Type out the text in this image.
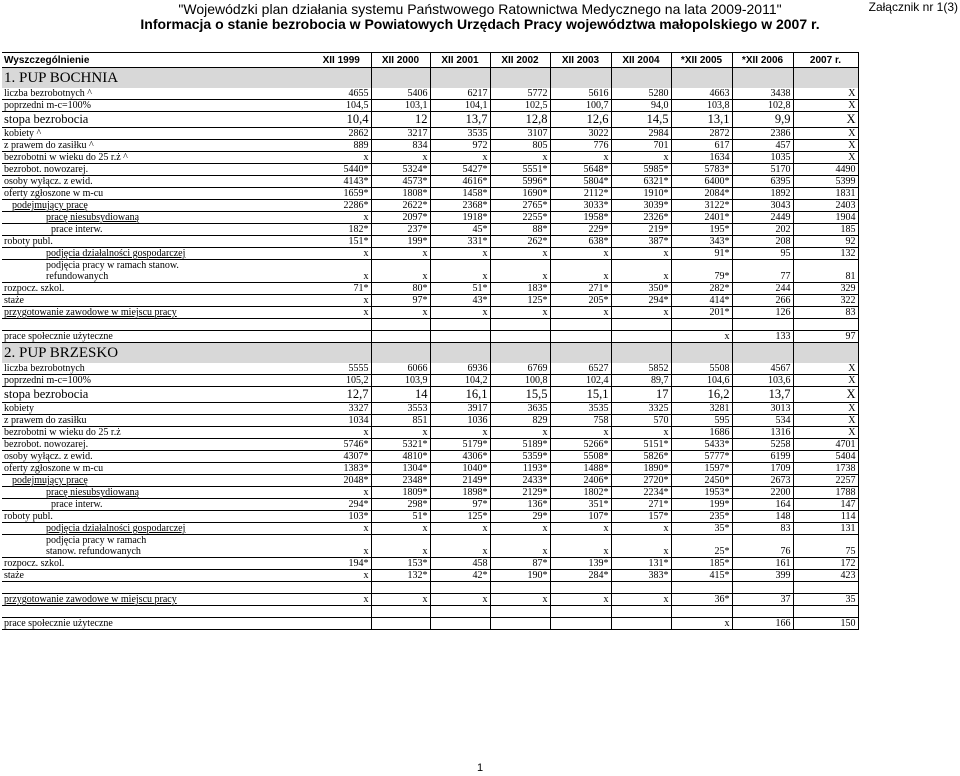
"Wojewódzki plan działania systemu Państwowego Ratownictwa Medycznego na lata 2009-2011"
Informacja o stanie bezrobocia w Powiatowych Urzędach Pracy województwa małopolskiego w 2007 r.
Załącznik nr 1(3)
Wyszczególnienie	XII 1999	XII 2000	XII 2001	XII 2002	XII 2003	XII 2004	*XII 2005	*XII 2006	2007 r.
1. PUP BOCHNIA									
liczba bezrobotnych ^	4655	5406	6217	5772	5616	5280	4663	3438	X
poprzedni m-c=100%	104,5	103,1	104,1	102,5	100,7	94,0	103,8	102,8	X
stopa bezrobocia	10,4	12	13,7	12,8	12,6	14,5	13,1	9,9	X
kobiety ^	2862	3217	3535	3107	3022	2984	2872	2386	X
z prawem do zasiłku ^	889	834	972	805	776	701	617	457	X
bezrobotni w wieku do 25 r.ż ^	x	x	x	x	x	x	1634	1035	X
bezrobot. nowozarej.	5440*	5324*	5427*	5551*	5648*	5985*	5783*	5170	4490
osoby wyłącz. z ewid.	4143*	4573*	4616*	5996*	5804*	6321*	6400*	6395	5399
oferty zgłoszone w m-cu	1659*	1808*	1458*	1690*	2112*	1910*	2084*	1892	1831
podejmujący pracę	2286*	2622*	2368*	2765*	3033*	3039*	3122*	3043	2403
pracę niesubsydiowaną	x	2097*	1918*	2255*	1958*	2326*	2401*	2449	1904
prace interw.	182*	237*	45*	88*	229*	219*	195*	202	185
roboty publ.	151*	199*	331*	262*	638*	387*	343*	208	92
podjęcia działalności gospodarczej	x	x	x	x	x	x	91*	95	132
podjęcia pracy w ramach stanow.									
refundowanych	x	x	x	x	x	x	79*	77	81
rozpocz. szkol.	71*	80*	51*	183*	271*	350*	282*	244	329
staże	x	97*	43*	125*	205*	294*	414*	266	322
przygotowanie zawodowe w miejscu pracy	x	x	x	x	x	x	201*	126	83

prace społecznie użyteczne							x	133	97
2. PUP BRZESKO									
liczba bezrobotnych	5555	6066	6936	6769	6527	5852	5508	4567	X
poprzedni m-c=100%	105,2	103,9	104,2	100,8	102,4	89,7	104,6	103,6	X
stopa bezrobocia	12,7	14	16,1	15,5	15,1	17	16,2	13,7	X
kobiety	3327	3553	3917	3635	3535	3325	3281	3013	X
z prawem do zasiłku	1034	851	1036	829	758	570	595	534	X
bezrobotni w wieku do 25 r.ż	x	x	x	x	x	x	1686	1316	X
bezrobot. nowozarej.	5746*	5321*	5179*	5189*	5266*	5151*	5433*	5258	4701
osoby wyłącz. z ewid.	4307*	4810*	4306*	5359*	5508*	5826*	5777*	6199	5404
oferty zgłoszone w m-cu	1383*	1304*	1040*	1193*	1488*	1890*	1597*	1709	1738
podejmujący pracę	2048*	2348*	2149*	2433*	2406*	2720*	2450*	2673	2257
pracę niesubsydiowaną	x	1809*	1898*	2129*	1802*	2234*	1953*	2200	1788
prace interw.	294*	298*	97*	136*	351*	271*	199*	164	147
roboty publ.	103*	51*	125*	29*	107*	157*	235*	148	114
podjęcia działalności gospodarczej	x	x	x	x	x	x	35*	83	131
podjęcia pracy w ramach									
stanow. refundowanych	x	x	x	x	x	x	25*	76	75
rozpocz. szkol.	194*	153*	458	87*	139*	131*	185*	161	172
staże	x	132*	42*	190*	284*	383*	415*	399	423

przygotowanie zawodowe w miejscu pracy	x	x	x	x	x	x	36*	37	35

prace społecznie użyteczne							x	166	150
1
